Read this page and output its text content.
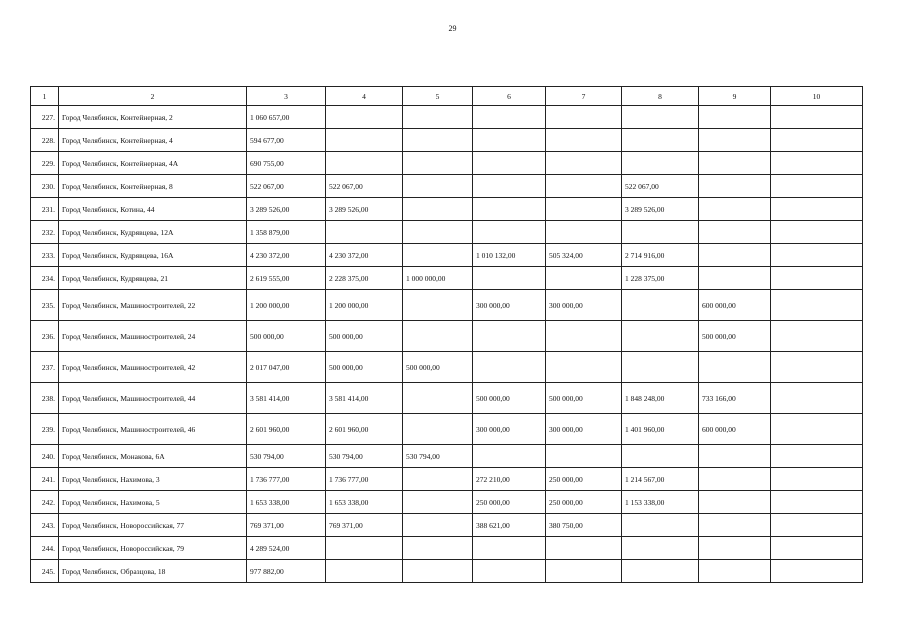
29
1	2	3	4	5	6	7	8	9	10
227.	Город Челябинск, Контейнерная, 2	1 060 657,00							
228.	Город Челябинск, Контейнерная, 4	594 677,00							
229.	Город Челябинск, Контейнерная, 4А	690 755,00							
230.	Город Челябинск, Контейнерная, 8	522 067,00	522 067,00				522 067,00		
231.	Город Челябинск, Котина, 44	3 289 526,00	3 289 526,00				3 289 526,00		
232.	Город Челябинск, Кудрявцева, 12А	1 358 879,00							
233.	Город Челябинск, Кудрявцева, 16А	4 230 372,00	4 230 372,00		1 010 132,00	505 324,00	2 714 916,00		
234.	Город Челябинск, Кудрявцева, 21	2 619 555,00	2 228 375,00	1 000 000,00			1 228 375,00		
235.	Город Челябинск, Машиностроителей, 22	1 200 000,00	1 200 000,00		300 000,00	300 000,00		600 000,00	
236.	Город Челябинск, Машиностроителей, 24	500 000,00	500 000,00					500 000,00	
237.	Город Челябинск, Машиностроителей, 42	2 017 047,00	500 000,00	500 000,00					
238.	Город Челябинск, Машиностроителей, 44	3 581 414,00	3 581 414,00		500 000,00	500 000,00	1 848 248,00	733 166,00	
239.	Город Челябинск, Машиностроителей, 46	2 601 960,00	2 601 960,00		300 000,00	300 000,00	1 401 960,00	600 000,00	
240.	Город Челябинск, Монакова, 6А	530 794,00	530 794,00	530 794,00					
241.	Город Челябинск, Нахимова, 3	1 736 777,00	1 736 777,00		272 210,00	250 000,00	1 214 567,00		
242.	Город Челябинск, Нахимова, 5	1 653 338,00	1 653 338,00		250 000,00	250 000,00	1 153 338,00		
243.	Город Челябинск, Новороссийская, 77	769 371,00	769 371,00		388 621,00	380 750,00			
244.	Город Челябинск, Новороссийская, 79	4 289 524,00							
245.	Город Челябинск, Образцова, 18	977 882,00							
